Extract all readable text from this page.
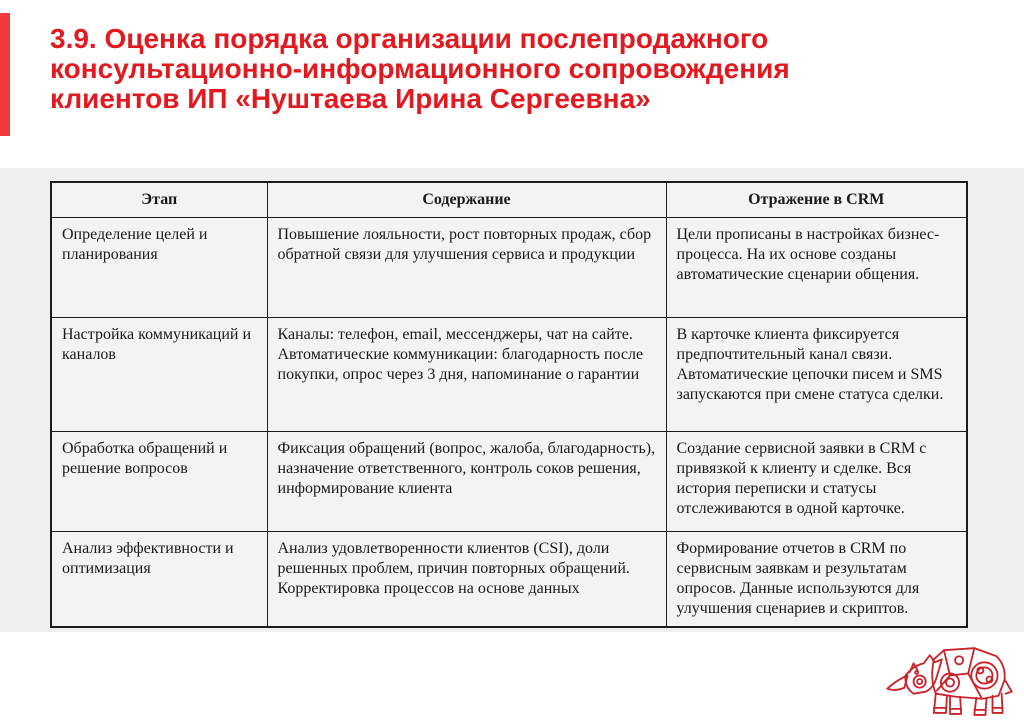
3.9. Оценка порядка организации послепродажного
консультационно-информационного сопровождения
клиентов ИП «Нуштаева Ирина Сергеевна»
Этап	Содержание	Отражение в CRM
Определение целей и планирования	Повышение лояльности, рост повторных продаж, сбор обратной связи для улучшения сервиса и продукции	Цели прописаны в настройках бизнес-процесса. На их основе созданы автоматические сценарии общения.
Настройка коммуникаций и каналов	Каналы: телефон, email, мессенджеры, чат на сайте. Автоматические коммуникации: благодарность после покупки, опрос через 3 дня, напоминание о гарантии	В карточке клиента фиксируется предпочтительный канал связи. Автоматические цепочки писем и SMS запускаются при смене статуса сделки.
Обработка обращений и решение вопросов	Фиксация обращений (вопрос, жалоба, благодарность), назначение ответственного, контроль соков решения, информирование клиента	Создание сервисной заявки в CRM с привязкой к клиенту и сделке. Вся история переписки и статусы отслеживаются в одной карточке.
Анализ эффективности и оптимизация	Анализ удовлетворенности клиентов (CSI), доли решенных проблем, причин повторных обращений. Корректировка процессов на основе данных	Формирование отчетов в CRM по сервисным заявкам и результатам опросов. Данные используются для улучшения сценариев и скриптов.
